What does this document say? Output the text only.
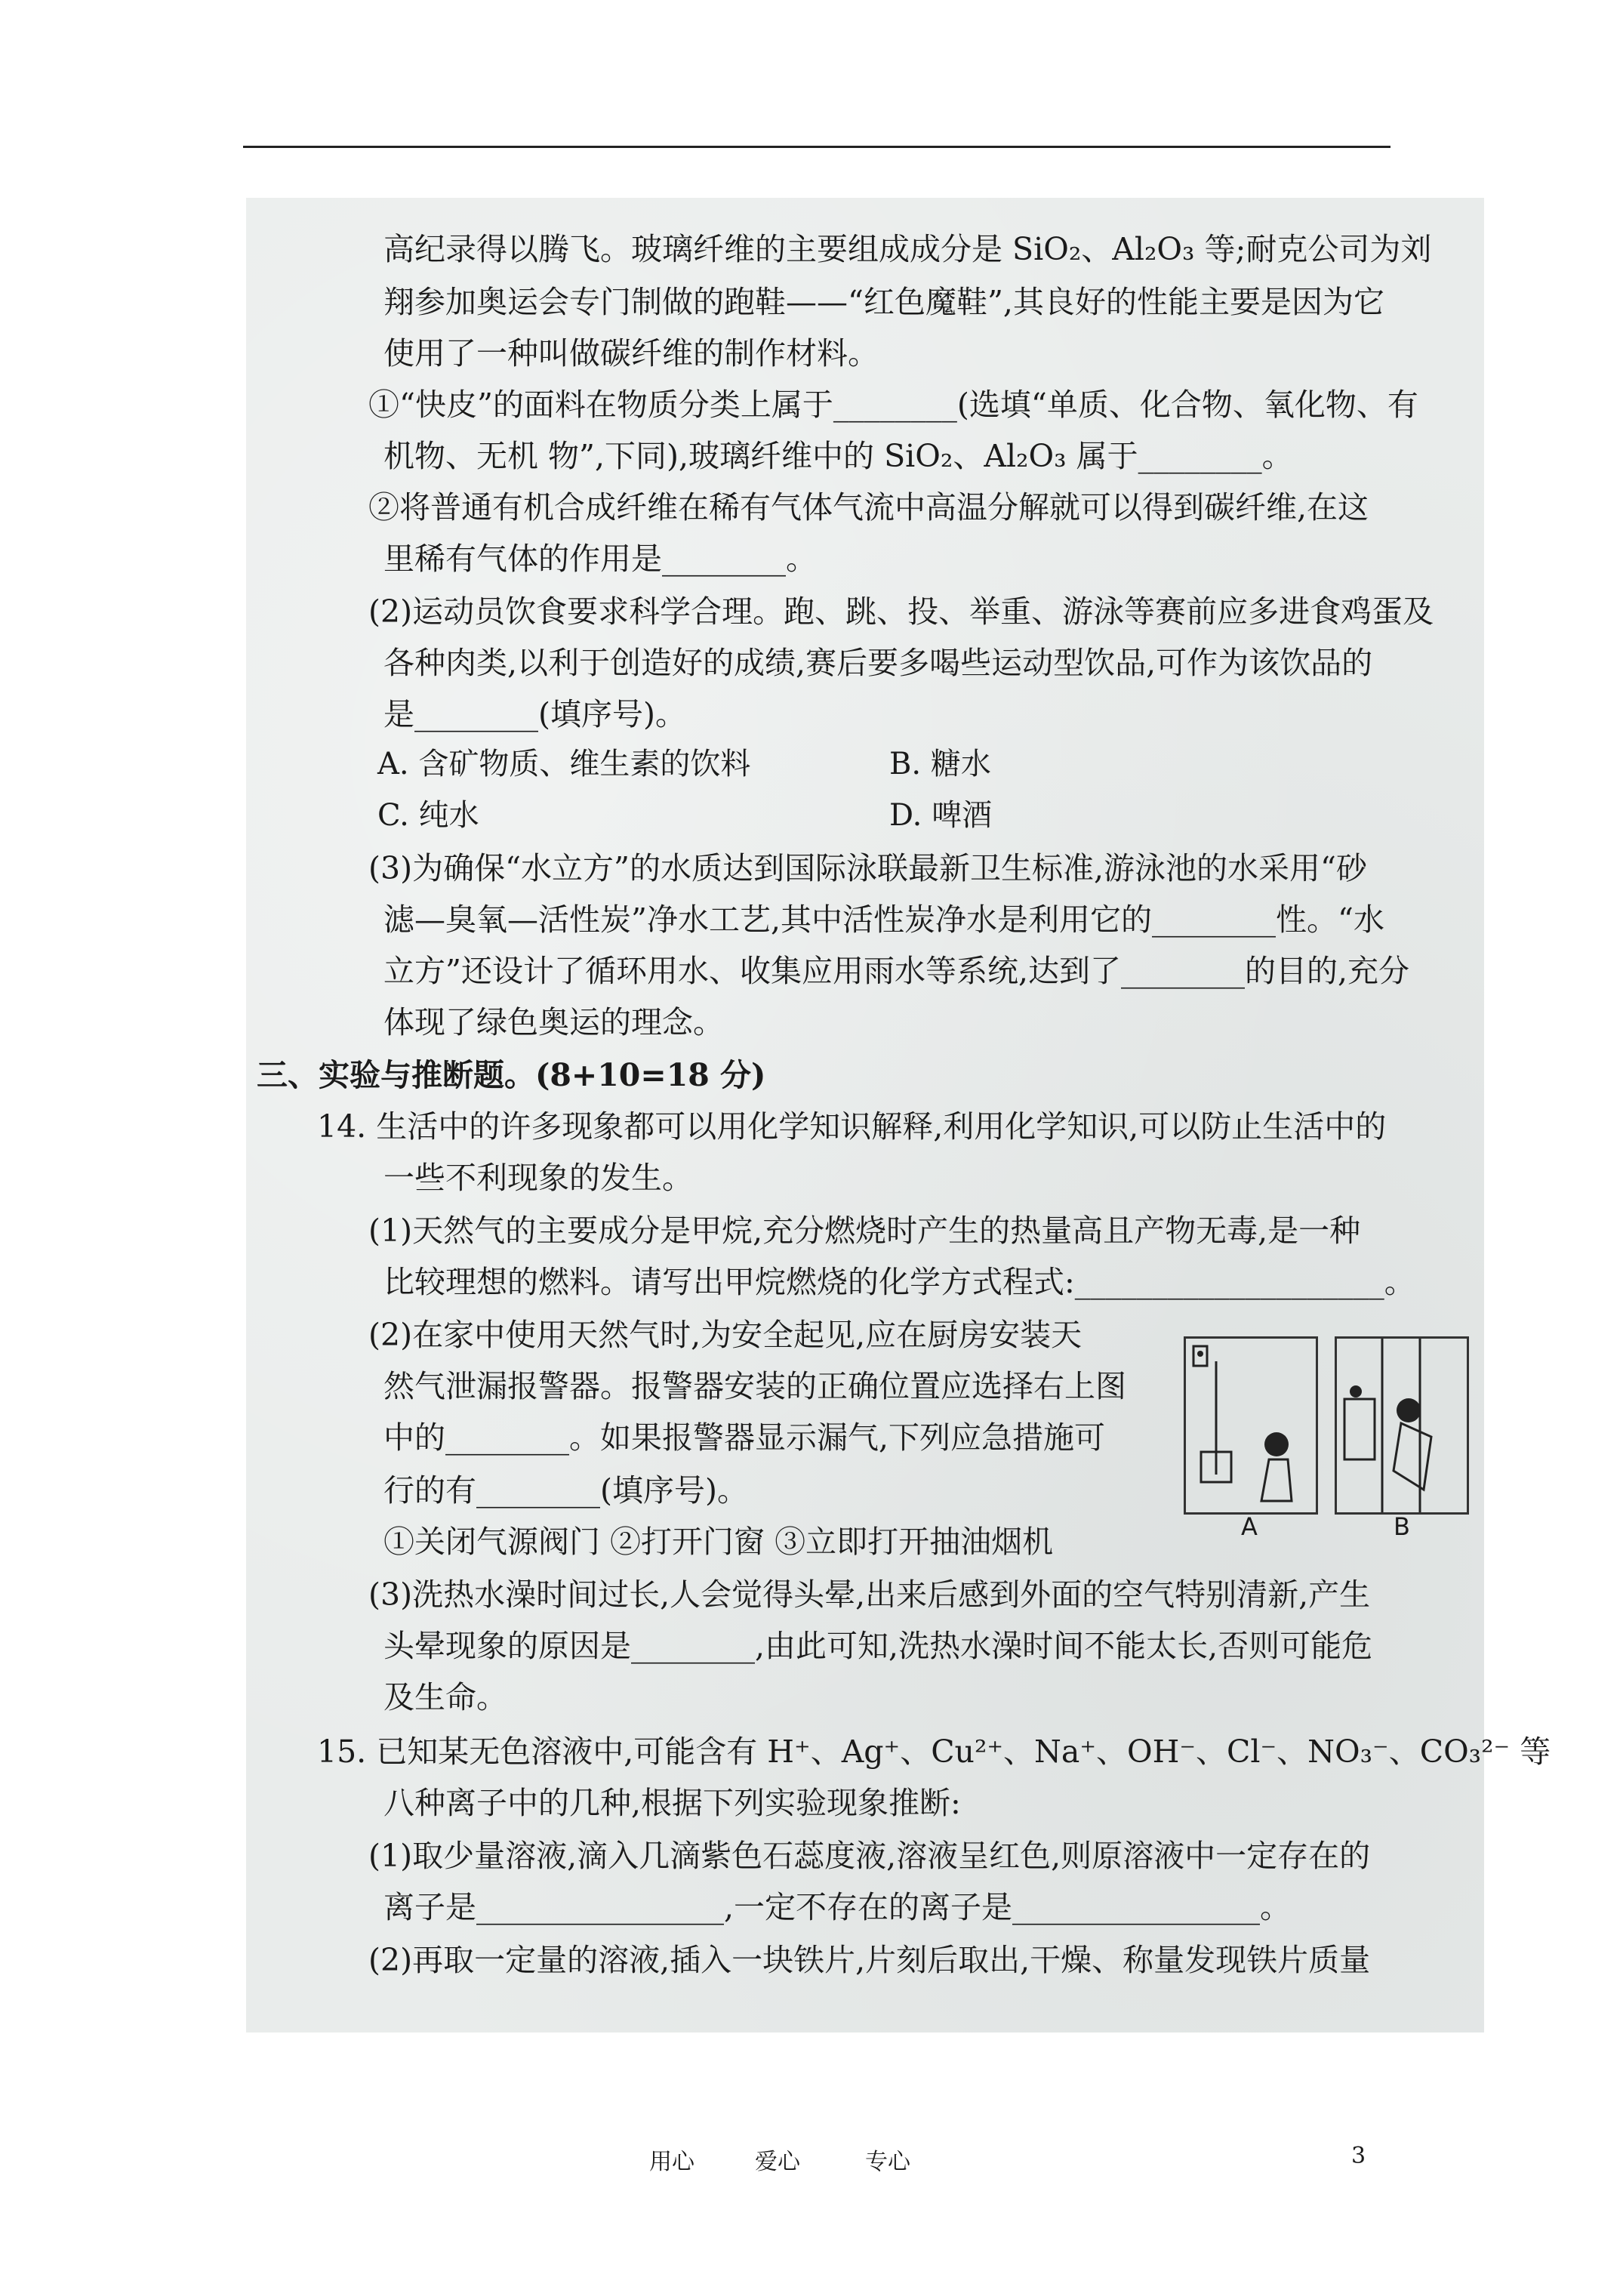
高纪录得以腾飞。玻璃纤维的主要组成成分是 SiO₂、Al₂O₃ 等;耐克公司为刘
翔参加奥运会专门制做的跑鞋——“红色魔鞋”,其良好的性能主要是因为它
使用了一种叫做碳纤维的制作材料。
①“快皮”的面料在物质分类上属于________(选填“单质、化合物、氧化物、有
机物、无机 物”,下同),玻璃纤维中的 SiO₂、Al₂O₃ 属于________。
②将普通有机合成纤维在稀有气体气流中高温分解就可以得到碳纤维,在这
里稀有气体的作用是________。
(2)运动员饮食要求科学合理。跑、跳、投、举重、游泳等赛前应多进食鸡蛋及
各种肉类,以利于创造好的成绩,赛后要多喝些运动型饮品,可作为该饮品的
是________(填序号)。
A. 含矿物质、维生素的饮料	B. 糖水
C. 纯水	D. 啤酒
(3)为确保“水立方”的水质达到国际泳联最新卫生标准,游泳池的水采用“砂
滤—臭氧—活性炭”净水工艺,其中活性炭净水是利用它的________性。“水
立方”还设计了循环用水、收集应用雨水等系统,达到了________的目的,充分
体现了绿色奥运的理念。
三、实验与推断题。(8+10=18 分)
14. 生活中的许多现象都可以用化学知识解释,利用化学知识,可以防止生活中的
一些不利现象的发生。
(1)天然气的主要成分是甲烷,充分燃烧时产生的热量高且产物无毒,是一种
比较理想的燃料。请写出甲烷燃烧的化学方式程式:____________________。
(2)在家中使用天然气时,为安全起见,应在厨房安装天
然气泄漏报警器。报警器安装的正确位置应选择右上图
中的________。如果报警器显示漏气,下列应急措施可
行的有________(填序号)。
①关闭气源阀门 ②打开门窗 ③立即打开抽油烟机
(3)洗热水澡时间过长,人会觉得头晕,出来后感到外面的空气特别清新,产生
头晕现象的原因是________,由此可知,洗热水澡时间不能太长,否则可能危
及生命。
15. 已知某无色溶液中,可能含有 H⁺、Ag⁺、Cu²⁺、Na⁺、OH⁻、Cl⁻、NO₃⁻、CO₃²⁻ 等
八种离子中的几种,根据下列实验现象推断:
(1)取少量溶液,滴入几滴紫色石蕊度液,溶液呈红色,则原溶液中一定存在的
离子是________________,一定不存在的离子是________________。
(2)再取一定量的溶液,插入一块铁片,片刻后取出,干燥、称量发现铁片质量
A	B
用心	爱心	专心	3
